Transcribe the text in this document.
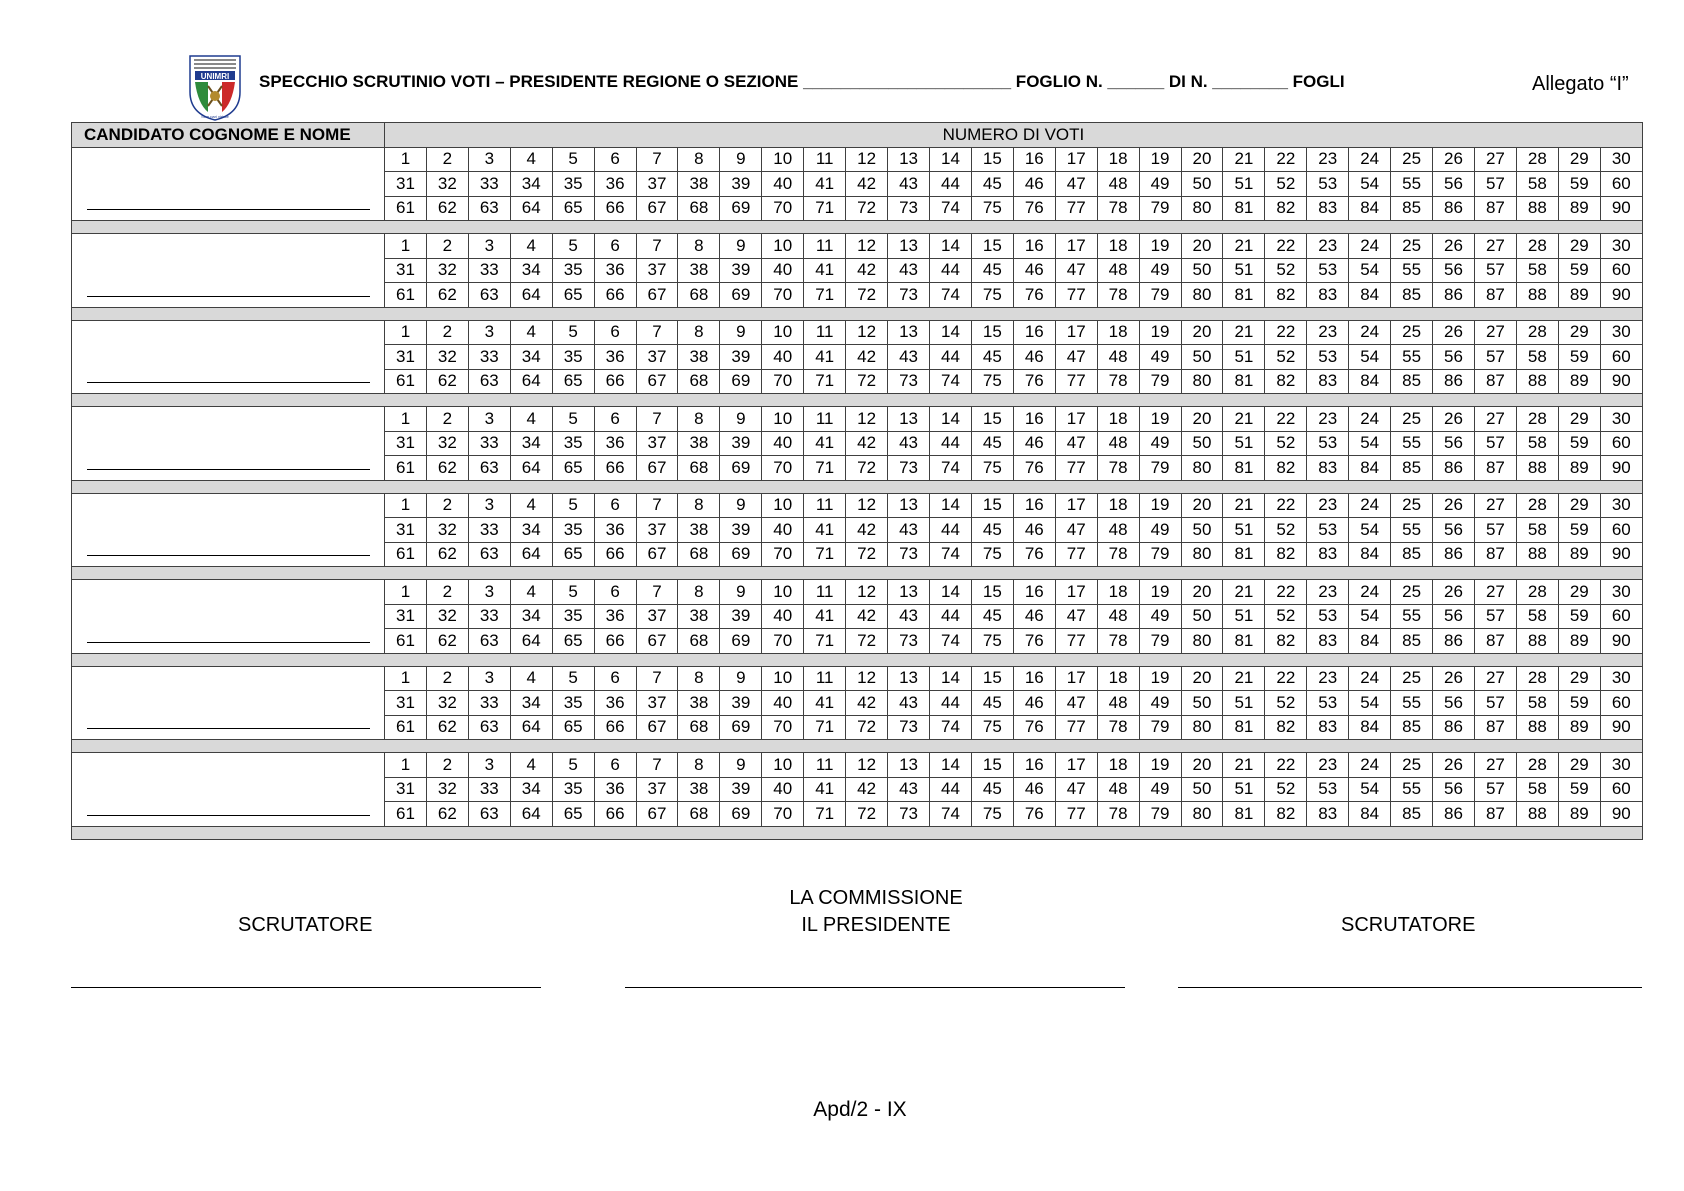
UNIMRI
Sine pari virtute
SPECCHIO SCRUTINIO VOTI – PRESIDENTE REGIONE O SEZIONE ______________________ FOGLIO N. ______ DI N. ________ FOGLI	Allegato “I”
CANDIDATO COGNOME E NOME	NUMERO DI VOTI																													

	1	2	3	4	5	6	7	8	9	10	11	12	13	14	15	16	17	18	19	20	21	22	23	24	25	26	27	28	29	30
	31	32	33	34	35	36	37	38	39	40	41	42	43	44	45	46	47	48	49	50	51	52	53	54	55	56	57	58	59	60
	61	62	63	64	65	66	67	68	69	70	71	72	73	74	75	76	77	78	79	80	81	82	83	84	85	86	87	88	89	90

	1	2	3	4	5	6	7	8	9	10	11	12	13	14	15	16	17	18	19	20	21	22	23	24	25	26	27	28	29	30
	31	32	33	34	35	36	37	38	39	40	41	42	43	44	45	46	47	48	49	50	51	52	53	54	55	56	57	58	59	60
	61	62	63	64	65	66	67	68	69	70	71	72	73	74	75	76	77	78	79	80	81	82	83	84	85	86	87	88	89	90

	1	2	3	4	5	6	7	8	9	10	11	12	13	14	15	16	17	18	19	20	21	22	23	24	25	26	27	28	29	30
	31	32	33	34	35	36	37	38	39	40	41	42	43	44	45	46	47	48	49	50	51	52	53	54	55	56	57	58	59	60
	61	62	63	64	65	66	67	68	69	70	71	72	73	74	75	76	77	78	79	80	81	82	83	84	85	86	87	88	89	90

	1	2	3	4	5	6	7	8	9	10	11	12	13	14	15	16	17	18	19	20	21	22	23	24	25	26	27	28	29	30
	31	32	33	34	35	36	37	38	39	40	41	42	43	44	45	46	47	48	49	50	51	52	53	54	55	56	57	58	59	60
	61	62	63	64	65	66	67	68	69	70	71	72	73	74	75	76	77	78	79	80	81	82	83	84	85	86	87	88	89	90

	1	2	3	4	5	6	7	8	9	10	11	12	13	14	15	16	17	18	19	20	21	22	23	24	25	26	27	28	29	30
	31	32	33	34	35	36	37	38	39	40	41	42	43	44	45	46	47	48	49	50	51	52	53	54	55	56	57	58	59	60
	61	62	63	64	65	66	67	68	69	70	71	72	73	74	75	76	77	78	79	80	81	82	83	84	85	86	87	88	89	90

	1	2	3	4	5	6	7	8	9	10	11	12	13	14	15	16	17	18	19	20	21	22	23	24	25	26	27	28	29	30
	31	32	33	34	35	36	37	38	39	40	41	42	43	44	45	46	47	48	49	50	51	52	53	54	55	56	57	58	59	60
	61	62	63	64	65	66	67	68	69	70	71	72	73	74	75	76	77	78	79	80	81	82	83	84	85	86	87	88	89	90

	1	2	3	4	5	6	7	8	9	10	11	12	13	14	15	16	17	18	19	20	21	22	23	24	25	26	27	28	29	30
	31	32	33	34	35	36	37	38	39	40	41	42	43	44	45	46	47	48	49	50	51	52	53	54	55	56	57	58	59	60
	61	62	63	64	65	66	67	68	69	70	71	72	73	74	75	76	77	78	79	80	81	82	83	84	85	86	87	88	89	90

	1	2	3	4	5	6	7	8	9	10	11	12	13	14	15	16	17	18	19	20	21	22	23	24	25	26	27	28	29	30
	31	32	33	34	35	36	37	38	39	40	41	42	43	44	45	46	47	48	49	50	51	52	53	54	55	56	57	58	59	60
	61	62	63	64	65	66	67	68	69	70	71	72	73	74	75	76	77	78	79	80	81	82	83	84	85	86	87	88	89	90

SCRUTATORE
LA COMMISSIONE
IL PRESIDENTE	SCRUTATORE
Apd/2 - IX
